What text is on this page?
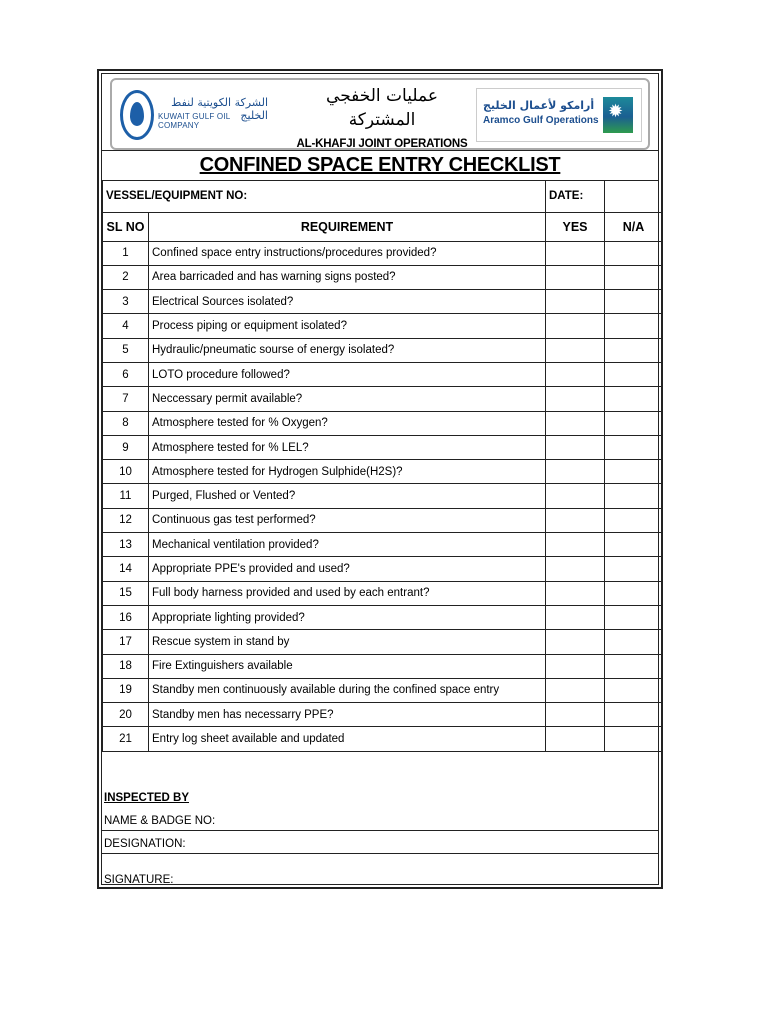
الشركة الكويتية لنفط الخليج
KUWAIT GULF OIL COMPANY
عمليات الخفجي المشتركة
AL-KHAFJI JOINT OPERATIONS
أرامكو لأعمال الخليج
Aramco Gulf Operations
✹
CONFINED SPACE ENTRY CHECKLIST
VESSEL/EQUIPMENT NO:		DATE:	
SL NO	REQUIREMENT	YES	N/A
1	Confined space entry instructions/procedures provided?		
2	Area barricaded and has warning signs posted?		
3	Electrical Sources isolated?		
4	Process piping or equipment isolated?		
5	Hydraulic/pneumatic sourse of energy isolated?		
6	LOTO procedure followed?		
7	Neccessary permit available?		
8	Atmosphere tested for % Oxygen?		
9	Atmosphere tested for % LEL?		
10	Atmosphere tested for Hydrogen Sulphide(H2S)?		
11	Purged, Flushed or Vented?		
12	Continuous gas test performed?		
13	Mechanical ventilation provided?		
14	Appropriate PPE's provided and used?		
15	Full body harness provided and used by each entrant?		
16	Appropriate lighting provided?		
17	Rescue system in stand by		
18	Fire Extinguishers available		
19	Standby men continuously available during the confined space entry		
20	Standby men has necessarry PPE?		
21	Entry log sheet available and updated		
INSPECTED BY
NAME & BADGE NO:
DESIGNATION:
SIGNATURE:
